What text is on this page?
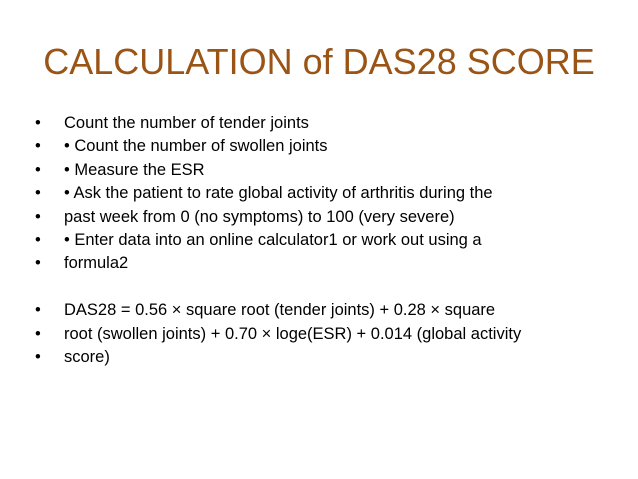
CALCULATION of DAS28 SCORE
• Count the number of tender joints
• • Count the number of swollen joints
• • Measure the ESR
• • Ask the patient to rate global activity of arthritis during the
• past week from 0 (no symptoms) to 100 (very severe)
• • Enter data into an online calculator1 or work out using a
• formula2
• DAS28 = 0.56 × square root (tender joints) + 0.28 × square
• root (swollen joints) + 0.70 × loge(ESR) + 0.014 (global activity
• score)
